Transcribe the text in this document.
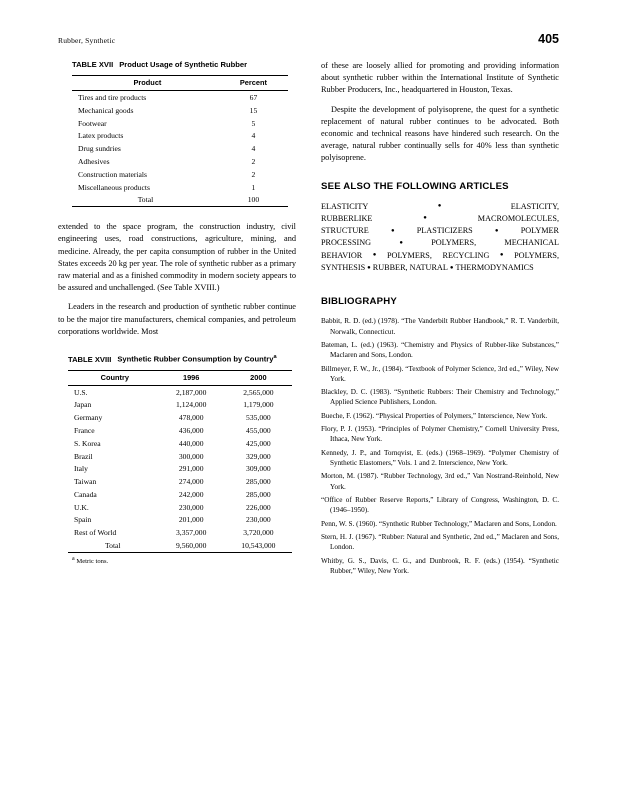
Rubber, Synthetic	405
TABLE XVII Product Usage of Synthetic Rubber
Product	Percent
Tires and tire products	67
Mechanical goods	15
Footwear	5
Latex products	4
Drug sundries	4
Adhesives	2
Construction materials	2
Miscellaneous products	1
Total	100

extended to the space program, the construction industry, civil engineering uses, road constructions, agriculture, mining, and medicine. Already, the per capita consumption of rubber in the United States exceeds 20 kg per year. The role of synthetic rubber as a primary raw material and as a finished commodity in modern society appears to be assured and unchallenged. (See Table XVIII.)

Leaders in the research and production of synthetic rubber continue to be the major tire manufacturers, chemical companies, and petroleum corporations worldwide. Most

TABLE XVIII Synthetic Rubber Consumption by Country$^a$
Country	1996	2000
U.S.	2,187,000	2,565,000
Japan	1,124,000	1,179,000
Germany	478,000	535,000
France	436,000	455,000
S. Korea	440,000	425,000
Brazil	300,000	329,000
Italy	291,000	309,000
Taiwan	274,000	285,000
Canada	242,000	285,000
U.K.	230,000	226,000
Spain	201,000	230,000
Rest of World	3,357,000	3,720,000
Total	9,560,000	10,543,000
$^a$ Metric tons.

of these are loosely allied for promoting and providing information about synthetic rubber within the International Institute of Synthetic Rubber Producers, Inc., headquartered in Houston, Texas.

Despite the development of polyisoprene, the quest for a synthetic replacement of natural rubber continues to be advocated. Both economic and technical reasons have hindered such research. On the average, natural rubber continually sells for 40% less than synthetic polyisoprene.

SEE ALSO THE FOLLOWING ARTICLES
ELASTICITY ● ELASTICITY, RUBBERLIKE ● MACROMOLECULES, STRUCTURE ● PLASTICIZERS ● POLYMER PROCESSING ● POLYMERS, MECHANICAL BEHAVIOR ● POLYMERS, RECYCLING ● POLYMERS, SYNTHESIS ● RUBBER, NATURAL ● THERMODYNAMICS
BIBLIOGRAPHY

Babbit, R. D. (ed.) (1978). “The Vanderbilt Rubber Handbook,” R. T. Vanderbilt, Norwalk, Connecticut.

Bateman, L. (ed.) (1963). “Chemistry and Physics of Rubber-like Substances,” Maclaren and Sons, London.

Billmeyer, F. W., Jr., (1984). “Textbook of Polymer Science, 3rd ed.,” Wiley, New York.

Blackley, D. C. (1983). “Synthetic Rubbers: Their Chemistry and Technology,” Applied Science Publishers, London.

Bueche, F. (1962). “Physical Properties of Polymers,” Interscience, New York.

Flory, P. J. (1953). “Principles of Polymer Chemistry,” Cornell University Press, Ithaca, New York.

Kennedy, J. P., and Tornqvist, E. (eds.) (1968–1969). “Polymer Chemistry of Synthetic Elastomers,” Vols. 1 and 2. Interscience, New York.

Morton, M. (1987). “Rubber Technology, 3rd ed.,” Van Nostrand-Reinhold, New York.

“Office of Rubber Reserve Reports,” Library of Congress, Washington, D. C. (1946–1950).

Penn, W. S. (1960). “Synthetic Rubber Technology,” Maclaren and Sons, London.

Stern, H. J. (1967). “Rubber: Natural and Synthetic, 2nd ed.,” Maclaren and Sons, London.

Whitby, G. S., Davis, C. G., and Dunbrook, R. F. (eds.) (1954). “Synthetic Rubber,” Wiley, New York.
